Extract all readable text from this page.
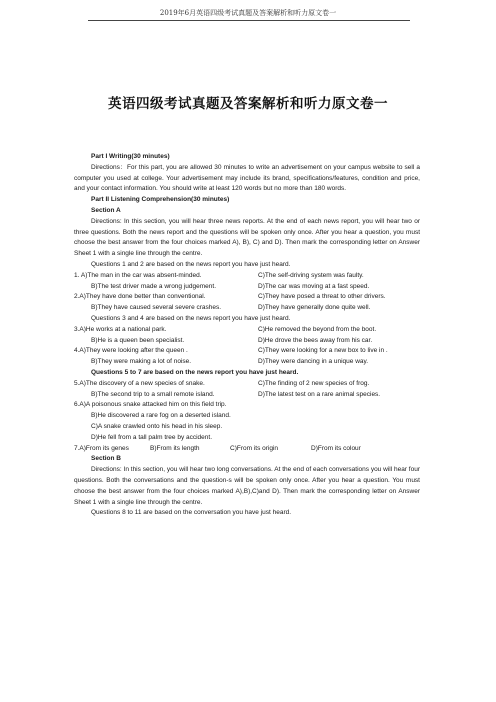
2019年6月英语四级考试真题及答案解析和听力原文卷一
英语四级考试真题及答案解析和听力原文卷一

Part I Writing(30 minutes)

Directions：For this part, you are allowed 30 minutes to write an advertisement on your campus website to sell a computer you used at college. Your advertisement may include its brand, specifications/features, condition and price, and your contact information. You should write at least 120 words but no more than 180 words.

Part II Listening Comprehension(30 minutes)

Section A

Directions: In this section, you will hear three news reports. At the end of each news report, you will hear two or three questions. Both the news report and the questions will be spoken only once. After you hear a question, you must choose the best answer from the four choices marked A), B), C) and D). Then mark the corresponding letter on Answer Sheet 1 with a single line through the centre.

Questions 1 and 2 are based on the news report you have just heard.

1. A)The man in the car was absent-minded.	C)The self-driving system was faulty.
B)The test driver made a wrong judgement.	D)The car was moving at a fast speed.
2.A)They have done better than conventional.	C)They have posed a threat to other drivers.
B)They have caused several severe crashes.	D)They have generally done quite well.

Questions 3 and 4 are based on the news report you have just heard.

3.A)He works at a national park.	C)He removed the beyond from the boot.
B)He is a queen been specialist.	D)He drove the bees away from his car.
4.A)They were looking after the queen .	C)They were looking for a new box to live in .
B)They were making a lot of noise.	D)They were dancing in a unique way.

Questions 5 to 7 are based on the news report you have just heard.

5.A)The discovery of a new species of snake.	C)The finding of 2 new species of frog.
B)The second trip to a small remote island.	D)The latest test on a rare animal species.

6.A)A poisonous snake attacked him on this field trip.

B)He discovered a rare fog on a deserted island.

C)A snake crawled onto his head in his sleep.

D)He fell from a tall palm tree by accident.

7.A)From its genes	B)From its length	C)From its origin	D)From its colour

Section B

Directions: In this section, you will hear two long conversations. At the end of each conversations you will hear four questions. Both the conversations and the question-s will be spoken only once. After you hear a question. You must choose the best answer from the four choices marked A),B),C)and D). Then mark the corresponding letter on Answer Sheet 1 with a single line through the centre.

Questions 8 to 11 are based on the conversation you have just heard.
